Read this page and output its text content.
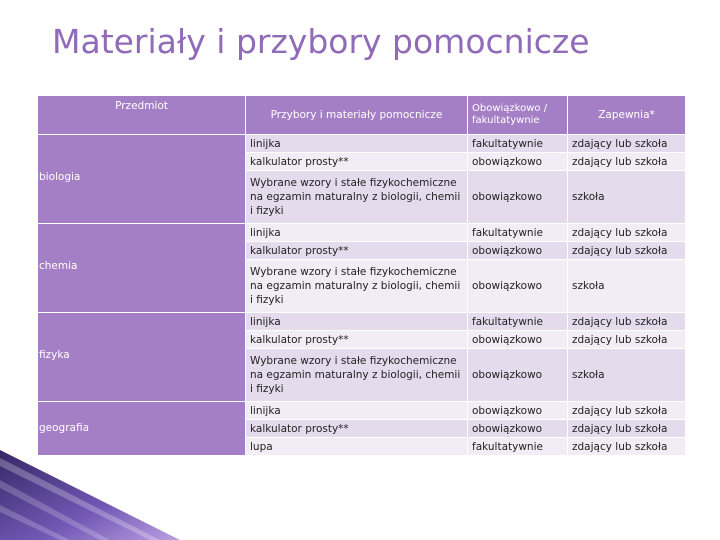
Materiały i przybory pomocnicze
Przedmiot	Przybory i materiały pomocnicze	Obowiązkowo / fakultatywnie	Zapewnia*
biologia	linijka	fakultatywnie	zdający lub szkoła
	kalkulator prosty**	obowiązkowo	zdający lub szkoła
	Wybrane wzory i stałe fizykochemiczne na egzamin maturalny z biologii, chemii i fizyki	obowiązkowo	szkoła
chemia	linijka	fakultatywnie	zdający lub szkoła
	kalkulator prosty**	obowiązkowo	zdający lub szkoła
	Wybrane wzory i stałe fizykochemiczne na egzamin maturalny z biologii, chemii i fizyki	obowiązkowo	szkoła
fizyka	linijka	fakultatywnie	zdający lub szkoła
	kalkulator prosty**	obowiązkowo	zdający lub szkoła
	Wybrane wzory i stałe fizykochemiczne na egzamin maturalny z biologii, chemii i fizyki	obowiązkowo	szkoła
geografia	linijka	obowiązkowo	zdający lub szkoła
	kalkulator prosty**	obowiązkowo	zdający lub szkoła
	lupa	fakultatywnie	zdający lub szkoła
